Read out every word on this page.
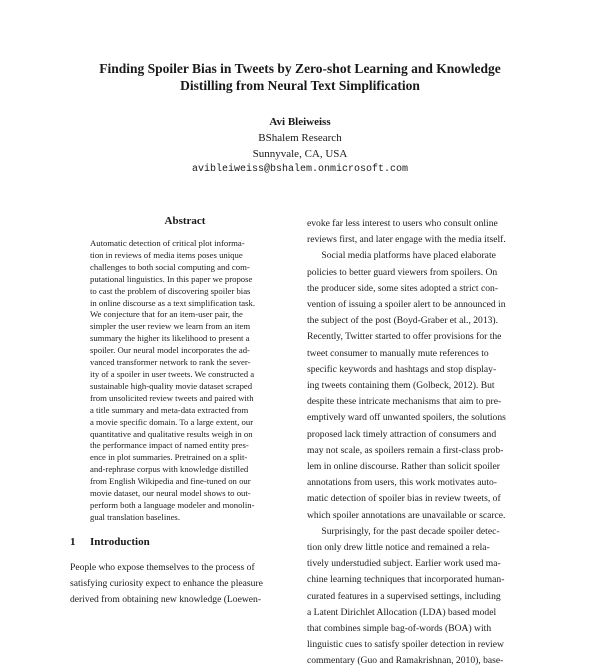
Finding Spoiler Bias in Tweets by Zero-shot Learning and Knowledge
Distilling from Neural Text Simplification
Avi Bleiweiss
BShalem Research
Sunnyvale, CA, USA
avibleiweiss@bshalem.onmicrosoft.com
Abstract
Automatic detection of critical plot informa-
tion in reviews of media items poses unique
challenges to both social computing and com-
putational linguistics. In this paper we propose
to cast the problem of discovering spoiler bias
in online discourse as a text simplification task.
We conjecture that for an item-user pair, the
simpler the user review we learn from an item
summary the higher its likelihood to present a
spoiler. Our neural model incorporates the ad-
vanced transformer network to rank the sever-
ity of a spoiler in user tweets. We constructed a
sustainable high-quality movie dataset scraped
from unsolicited review tweets and paired with
a title summary and meta-data extracted from
a movie specific domain. To a large extent, our
quantitative and qualitative results weigh in on
the performance impact of named entity pres-
ence in plot summaries. Pretrained on a split-
and-rephrase corpus with knowledge distilled
from English Wikipedia and fine-tuned on our
movie dataset, our neural model shows to out-
perform both a language modeler and monolin-
gual translation baselines.
1 Introduction
People who expose themselves to the process of
satisfying curiosity expect to enhance the pleasure
derived from obtaining new knowledge (Loewen-
evoke far less interest to users who consult online
reviews first, and later engage with the media itself.
  Social media platforms have placed elaborate
policies to better guard viewers from spoilers. On
the producer side, some sites adopted a strict con-
vention of issuing a spoiler alert to be announced in
the subject of the post (Boyd-Graber et al., 2013).
Recently, Twitter started to offer provisions for the
tweet consumer to manually mute references to
specific keywords and hashtags and stop display-
ing tweets containing them (Golbeck, 2012). But
despite these intricate mechanisms that aim to pre-
emptively ward off unwanted spoilers, the solutions
proposed lack timely attraction of consumers and
may not scale, as spoilers remain a first-class prob-
lem in online discourse. Rather than solicit spoiler
annotations from users, this work motivates auto-
matic detection of spoiler bias in review tweets, of
which spoiler annotations are unavailable or scarce.
  Surprisingly, for the past decade spoiler detec-
tion only drew little notice and remained a rela-
tively understudied subject. Earlier work used ma-
chine learning techniques that incorporated human-
curated features in a supervised settings, including
a Latent Dirichlet Allocation (LDA) based model
that combines simple bag-of-words (BOA) with
linguistic cues to satisfy spoiler detection in review
commentary (Guo and Ramakrishnan, 2010), base-
